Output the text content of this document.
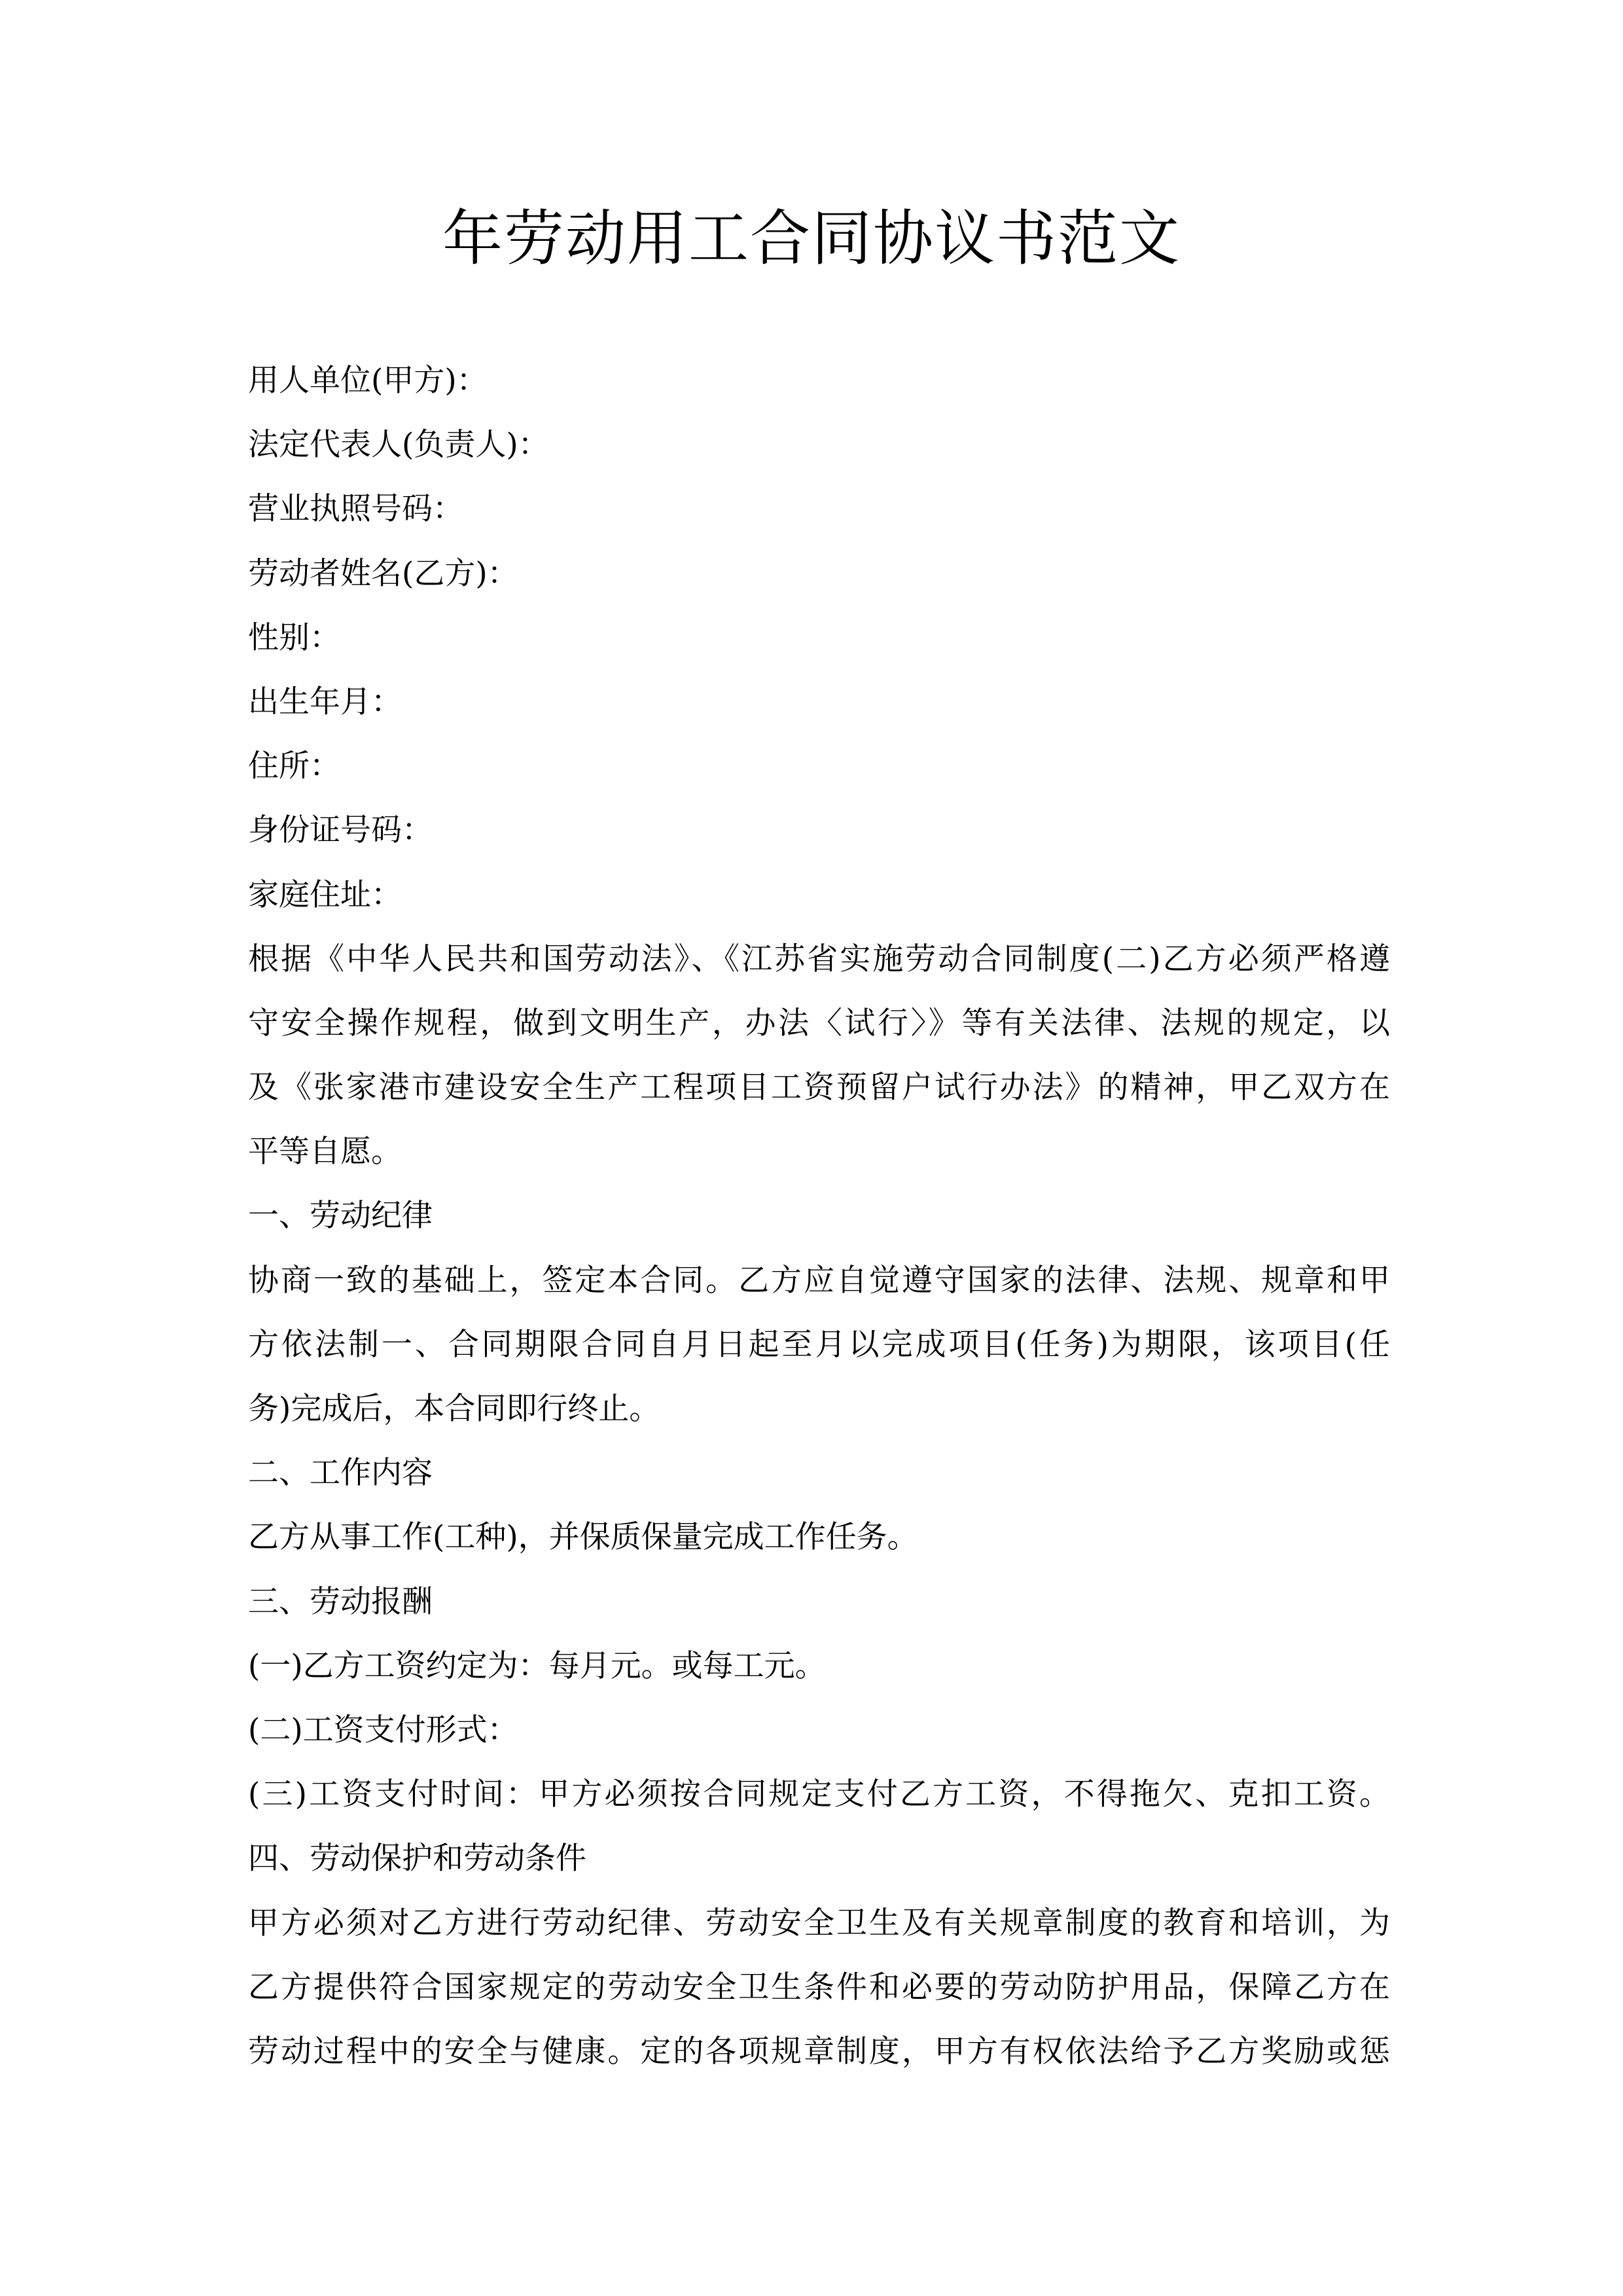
年劳动用工合同协议书范文
用人单位(甲方)：
法定代表人(负责人)：
营业执照号码：
劳动者姓名(乙方)：
性别：
出生年月：
住所：
身份证号码：
家庭住址：
根据《中华人民共和国劳动法》、《江苏省实施劳动合同制度(二)乙方必须严格遵
守安全操作规程，做到文明生产，办法〈试行〉》等有关法律、法规的规定，以
及《张家港市建设安全生产工程项目工资预留户试行办法》的精神，甲乙双方在
平等自愿。
一、劳动纪律
协商一致的基础上，签定本合同。乙方应自觉遵守国家的法律、法规、规章和甲
方依法制一、合同期限合同自月日起至月以完成项目(任务)为期限，该项目(任
务)完成后，本合同即行终止。
二、工作内容
乙方从事工作(工种)，并保质保量完成工作任务。
三、劳动报酬
(一)乙方工资约定为：每月元。或每工元。
(二)工资支付形式：
(三)工资支付时间：甲方必须按合同规定支付乙方工资，不得拖欠、克扣工资。
四、劳动保护和劳动条件
甲方必须对乙方进行劳动纪律、劳动安全卫生及有关规章制度的教育和培训，为
乙方提供符合国家规定的劳动安全卫生条件和必要的劳动防护用品，保障乙方在
劳动过程中的安全与健康。定的各项规章制度，甲方有权依法给予乙方奖励或惩
